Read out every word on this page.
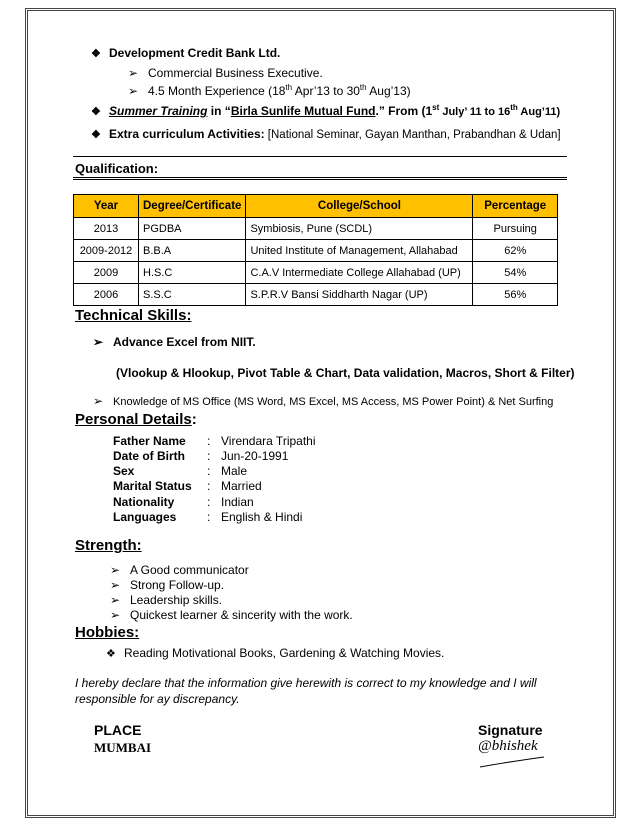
❖ Development Credit Bank Ltd.
➢ Commercial Business Executive.
➢ 4.5 Month Experience (18th Apr’13 to 30th Aug’13)
❖ Summer Training in “Birla Sunlife Mutual Fund.” From (1st July’ 11 to 16th Aug’11)
❖ Extra curriculum Activities: [National Seminar, Gayan Manthan, Prabandhan & Udan]
Qualification:
Year	Degree/Certificate	College/School	Percentage
2013	PGDBA	Symbiosis, Pune (SCDL)	Pursuing
2009-2012	B.B.A	United Institute of Management, Allahabad	62%
2009	H.S.C	C.A.V Intermediate College Allahabad (UP)	54%
2006	S.S.C	S.P.R.V Bansi Siddharth Nagar (UP)	56%
Technical Skills:
➢ Advance Excel from NIIT.
(Vlookup & Hlookup, Pivot Table & Chart, Data validation, Macros, Short & Filter)
➢ Knowledge of MS Office (MS Word, MS Excel, MS Access, MS Power Point) & Net Surfing
Personal Details:
Father Name : Virendara Tripathi
Date of Birth : Jun-20-1991
Sex	: Male
Marital Status : Married
Nationality	: Indian
Languages	: English & Hindi
Strength:
➢ A Good communicator
➢ Strong Follow-up.
➢ Leadership skills.
➢ Quickest learner & sincerity with the work.
Hobbies:
❖ Reading Motivational Books, Gardening & Watching Movies.
I hereby declare that the information give herewith is correct to my knowledge and I will
responsible for ay discrepancy.
PLACE
MUMBAI
Signature
@bhishek
